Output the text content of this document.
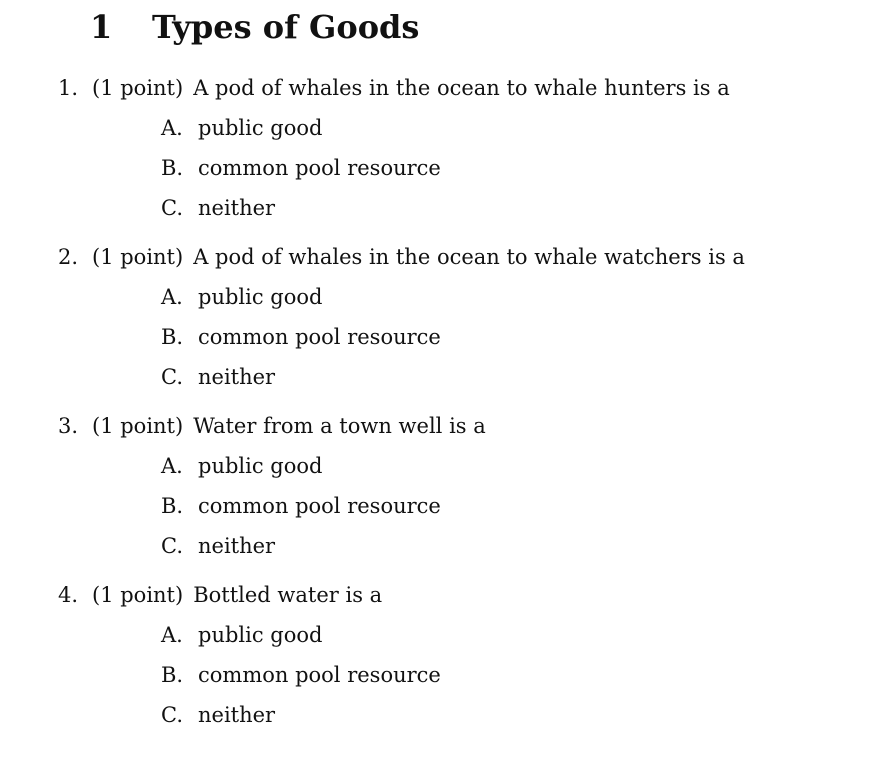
1	Types of Goods
1. (1 point) A pod of whales in the ocean to whale hunters is a
A. public good
B. common pool resource
C. neither
2. (1 point) A pod of whales in the ocean to whale watchers is a
A. public good
B. common pool resource
C. neither
3. (1 point) Water from a town well is a
A. public good
B. common pool resource
C. neither
4. (1 point) Bottled water is a
A. public good
B. common pool resource
C. neither
